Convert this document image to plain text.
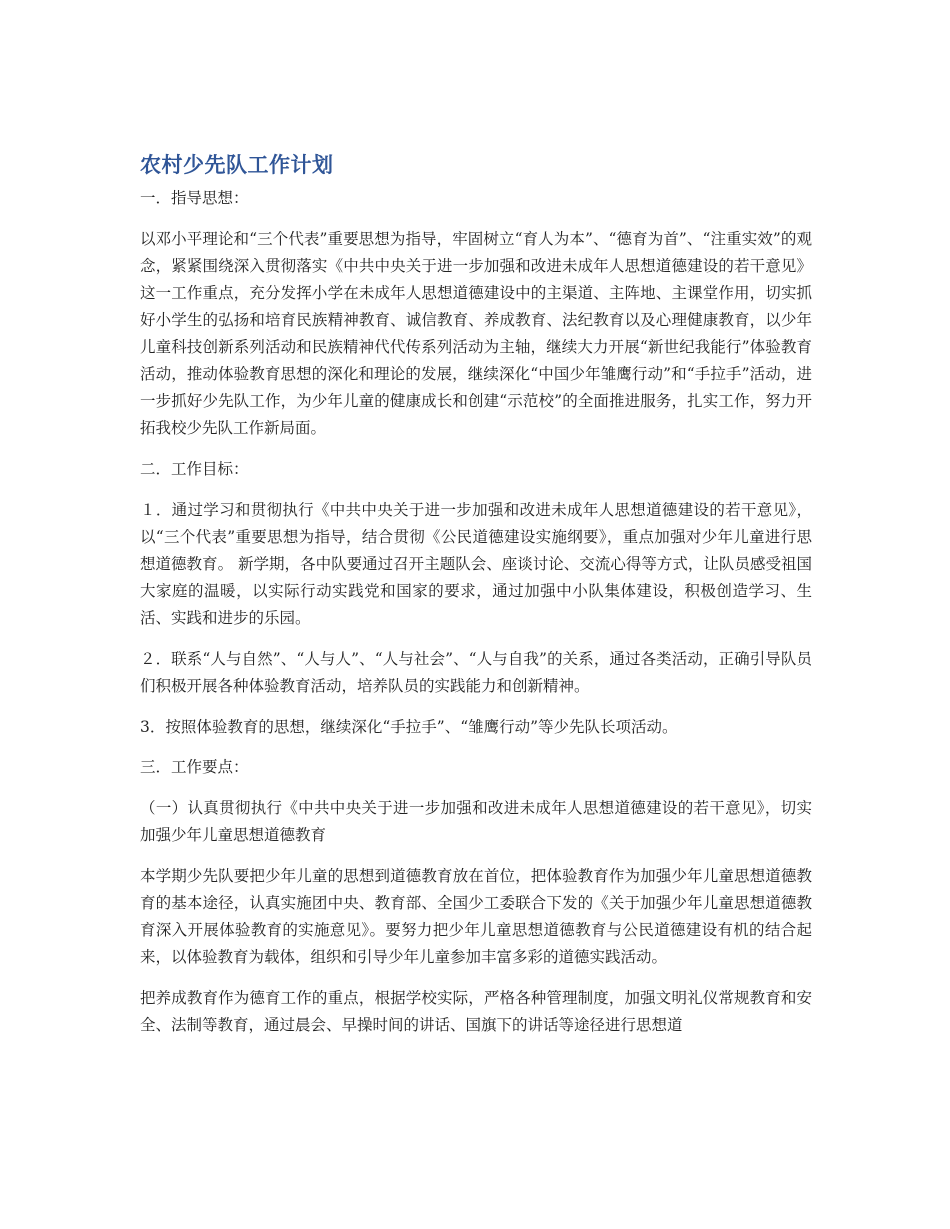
农村少先队工作计划

一．指导思想：

以邓小平理论和“三个代表”重要思想为指导，牢固树立“育人为本”、“德育为首”、“注重实效”的观念，紧紧围绕深入贯彻落实《中共中央关于进一步加强和改进未成年人思想道德建设的若干意见》这一工作重点，充分发挥小学在未成年人思想道德建设中的主渠道、主阵地、主课堂作用，切实抓好小学生的弘扬和培育民族精神教育、诚信教育、养成教育、法纪教育以及心理健康教育，以少年儿童科技创新系列活动和民族精神代代传系列活动为主轴，继续大力开展“新世纪我能行”体验教育活动，推动体验教育思想的深化和理论的发展，继续深化“中国少年雏鹰行动”和“手拉手”活动，进一步抓好少先队工作，为少年儿童的健康成长和创建“示范校”的全面推进服务，扎实工作，努力开拓我校少先队工作新局面。

二．工作目标：

１．通过学习和贯彻执行《中共中央关于进一步加强和改进未成年人思想道德建设的若干意见》，以“三个代表”重要思想为指导，结合贯彻《公民道德建设实施纲要》，重点加强对少年儿童进行思想道德教育。 新学期，各中队要通过召开主题队会、座谈讨论、交流心得等方式，让队员感受祖国大家庭的温暖，以实际行动实践党和国家的要求，通过加强中小队集体建设，积极创造学习、生活、实践和进步的乐园。

２．联系“人与自然”、“人与人”、“人与社会”、“人与自我”的关系，通过各类活动，正确引导队员们积极开展各种体验教育活动，培养队员的实践能力和创新精神。

3．按照体验教育的思想，继续深化“手拉手”、“雏鹰行动”等少先队长项活动。

三．工作要点：

（一）认真贯彻执行《中共中央关于进一步加强和改进未成年人思想道德建设的若干意见》，切实加强少年儿童思想道德教育

本学期少先队要把少年儿童的思想到道德教育放在首位，把体验教育作为加强少年儿童思想道德教育的基本途径，认真实施团中央、教育部、全国少工委联合下发的《关于加强少年儿童思想道德教育深入开展体验教育的实施意见》。要努力把少年儿童思想道德教育与公民道德建设有机的结合起来，以体验教育为载体，组织和引导少年儿童参加丰富多彩的道德实践活动。

把养成教育作为德育工作的重点，根据学校实际，严格各种管理制度，加强文明礼仪常规教育和安全、法制等教育，通过晨会、早操时间的讲话、国旗下的讲话等途径进行思想道
